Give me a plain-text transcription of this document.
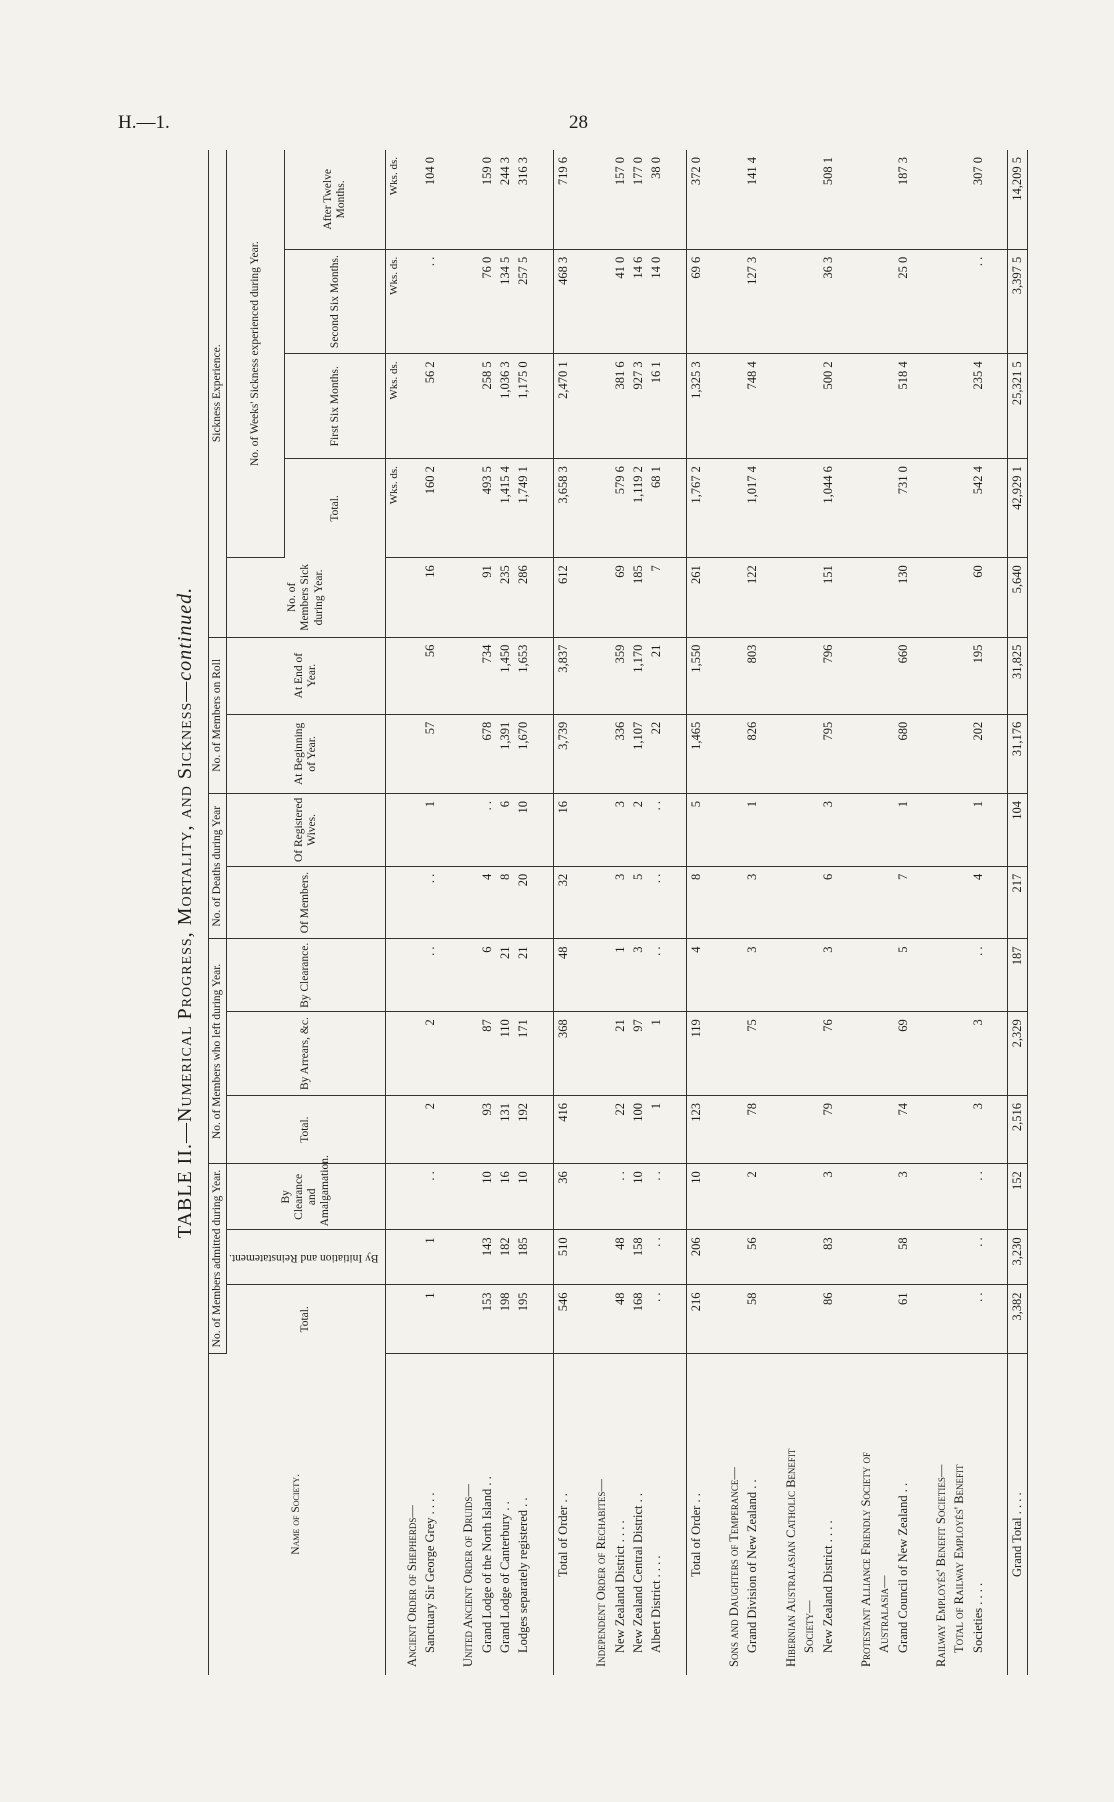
H.—1.	28
TABLE II.—Numerical Progress, Mortality, and Sickness—continued.
Name of Society.	No. of Members admitted during Year.			No. of Members who left during Year.			No. of Deaths during Year		No. of Members on Roll		Sickness Experience.				
	Total.	By Initiation and Reinstatement.	By Clearance and Amalgamation.	Total.	By Arrears, &c.	By Clearance.	Of Members.	Of Registered Wives.	At Beginning of Year.	At End of Year.	No. of Members Sick during Year.	No. of Weeks' Sickness experienced during Year.			
												Total.	First Six Months.	Second Six Months.	After Twelve Months.
												Wks. ds.	Wks. ds.	Wks. ds.	Wks. ds.
Ancient Order of Shepherds—															
Sanctuary Sir George Grey . . . .	1	1	. .	2	2	. .	. .	1	57	56	16	160 2	56 2	. .	104 0

United Ancient Order of Druids—															
Grand Lodge of the North Island . .	153	143	10	93	87	6	4	. .	678	734	91	493 5	258 5	76 0	159 0
Grand Lodge of Canterbury . .	198	182	16	131	110	21	8	6	1,391	1,450	235	1,415 4	1,036 3	134 5	244 3
Lodges separately registered . .	195	185	10	192	171	21	20	10	1,670	1,653	286	1,749 1	1,175 0	257 5	316 3

Total of Order . .	546	510	36	416	368	48	32	16	3,739	3,837	612	3,658 3	2,470 1	468 3	719 6

Independent Order of Rechabites—															
New Zealand District . . . .	48	48	. .	22	21	1	3	3	336	359	69	579 6	381 6	41 0	157 0
New Zealand Central District . .	168	158	10	100	97	3	5	2	1,107	1,170	185	1,119 2	927 3	14 6	177 0
Albert District . . . .	. .	. .	. .	1	1	. .	. .	. .	22	21	7	68 1	16 1	14 0	38 0

Total of Order . .	216	206	10	123	119	4	8	5	1,465	1,550	261	1,767 2	1,325 3	69 6	372 0

Sons and Daughters of Temperance—															
Grand Division of New Zealand . .	58	56	2	78	75	3	3	1	826	803	122	1,017 4	748 4	127 3	141 4

Hibernian Australasian Catholic Benefit															
Society—															
New Zealand District . . . .	86	83	3	79	76	3	6	3	795	796	151	1,044 6	500 2	36 3	508 1

Protestant Alliance Friendly Society of															
Australasia—															
Grand Council of New Zealand . .	61	58	3	74	69	5	7	1	680	660	130	731 0	518 4	25 0	187 3

Railway Employés' Benefit Societies—															
Total of Railway Employés' Benefit															
Societies . . . .	. .	. .	. .	3	3	. .	4	1	202	195	60	542 4	235 4	. .	307 0

Grand Total . . . .	3,382	3,230	152	2,516	2,329	187	217	104	31,176	31,825	5,640	42,929 1	25,321 5	3,397 5	14,209 5
